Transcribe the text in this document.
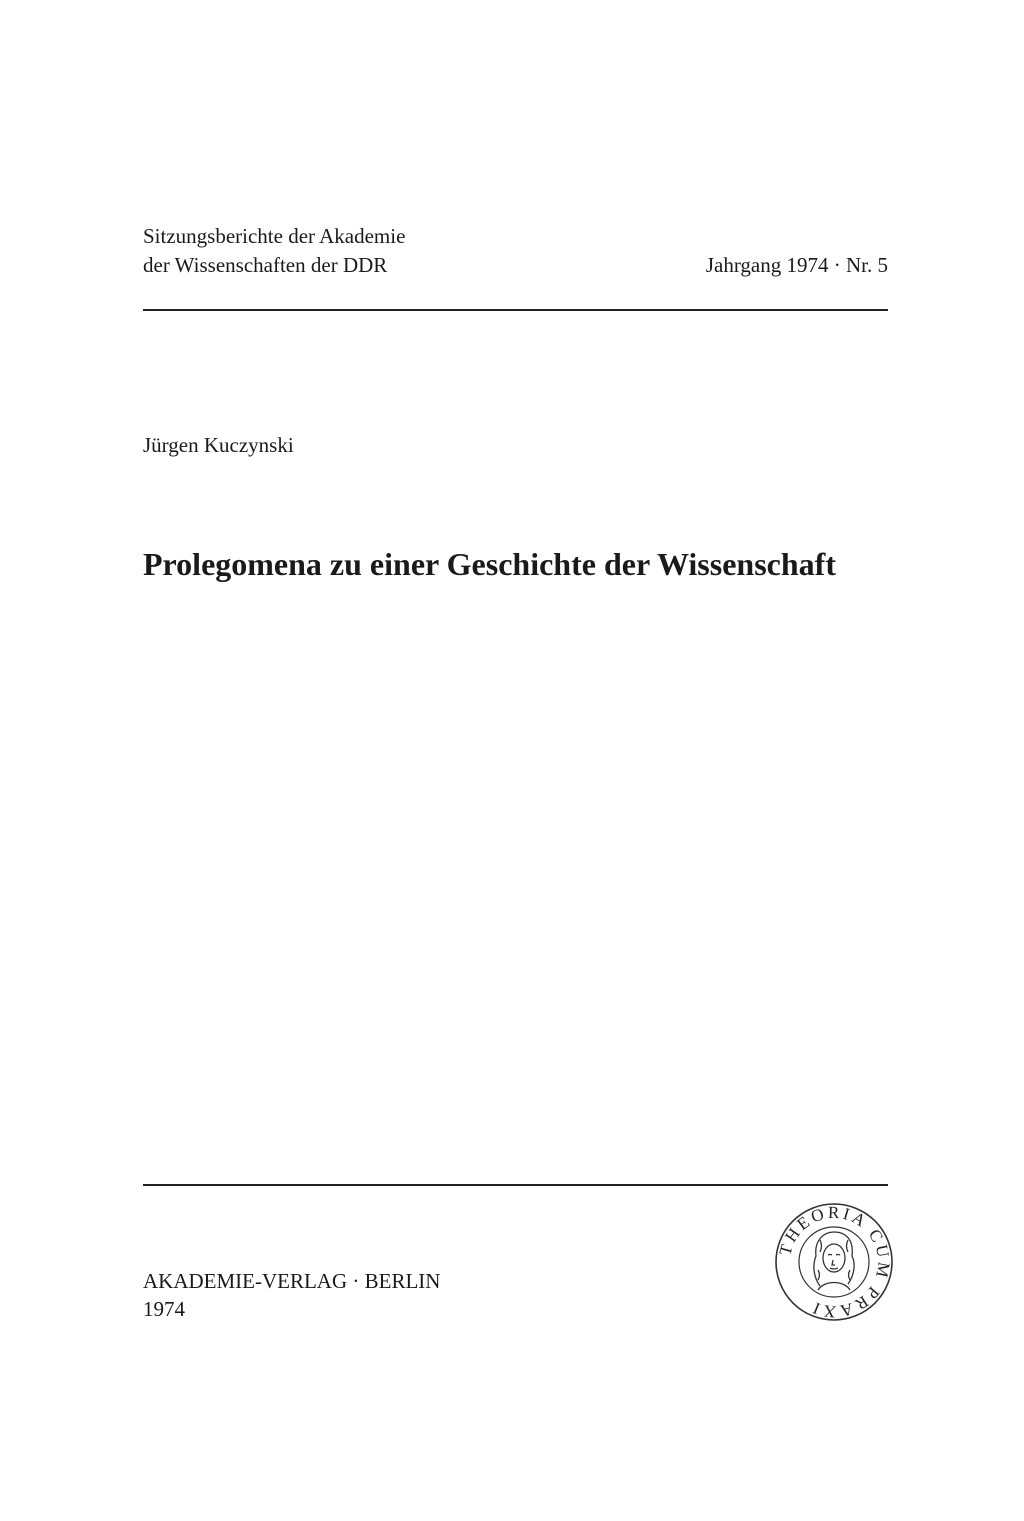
Sitzungsberichte der Akademie
der Wissenschaften der DDR	Jahrgang 1974 · Nr. 5
Jürgen Kuczynski
Prolegomena zu einer Geschichte der Wissenschaft
AKADEMIE-VERLAG · BERLIN
1974
THEORIA CUM PRAXI
